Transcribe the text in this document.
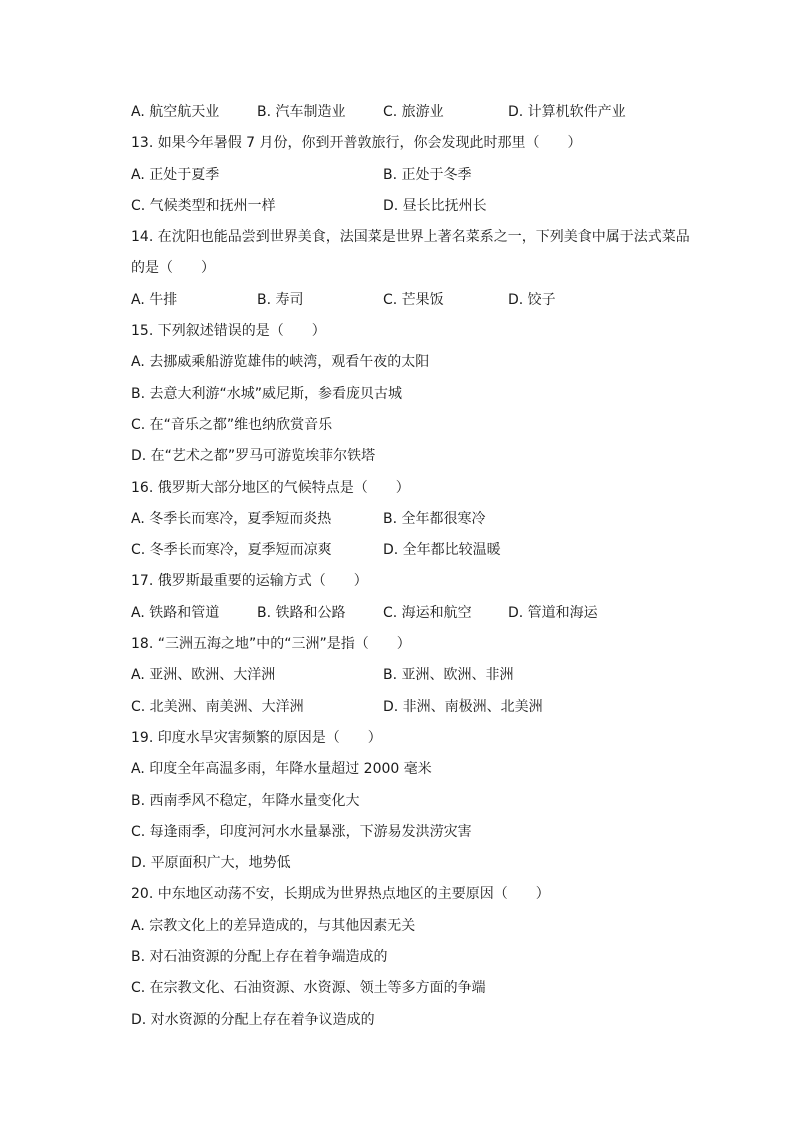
A. 航空航天业	B. 汽车制造业	C. 旅游业	D. 计算机软件产业
13. 如果今年暑假 7 月份，你到开普敦旅行，你会发现此时那里（　　）
A. 正处于夏季	B. 正处于冬季
C. 气候类型和抚州一样	D. 昼长比抚州长
14. 在沈阳也能品尝到世界美食，法国菜是世界上著名菜系之一，下列美食中属于法式菜品
的是（　　）
A. 牛排	B. 寿司	C. 芒果饭	D. 饺子
15. 下列叙述错误的是（　　）
A. 去挪威乘船游览雄伟的峡湾，观看午夜的太阳
B. 去意大利游“水城”威尼斯，参看庞贝古城
C. 在“音乐之都”维也纳欣赏音乐
D. 在“艺术之都”罗马可游览埃菲尔铁塔
16. 俄罗斯大部分地区的气候特点是（　　）
A. 冬季长而寒冷，夏季短而炎热	B. 全年都很寒冷
C. 冬季长而寒冷，夏季短而凉爽	D. 全年都比较温暖
17. 俄罗斯最重要的运输方式（　　）
A. 铁路和管道	B. 铁路和公路	C. 海运和航空	D. 管道和海运
18. “三洲五海之地”中的“三洲”是指（　　）
A. 亚洲、欧洲、大洋洲	B. 亚洲、欧洲、非洲
C. 北美洲、南美洲、大洋洲	D. 非洲、南极洲、北美洲
19. 印度水旱灾害频繁的原因是（　　）
A. 印度全年高温多雨，年降水量超过 2000 毫米
B. 西南季风不稳定，年降水量变化大
C. 每逢雨季，印度河河水水量暴涨，下游易发洪涝灾害
D. 平原面积广大，地势低
20. 中东地区动荡不安，长期成为世界热点地区的主要原因（　　）
A. 宗教文化上的差异造成的，与其他因素无关
B. 对石油资源的分配上存在着争端造成的
C. 在宗教文化、石油资源、水资源、领土等多方面的争端
D. 对水资源的分配上存在着争议造成的
